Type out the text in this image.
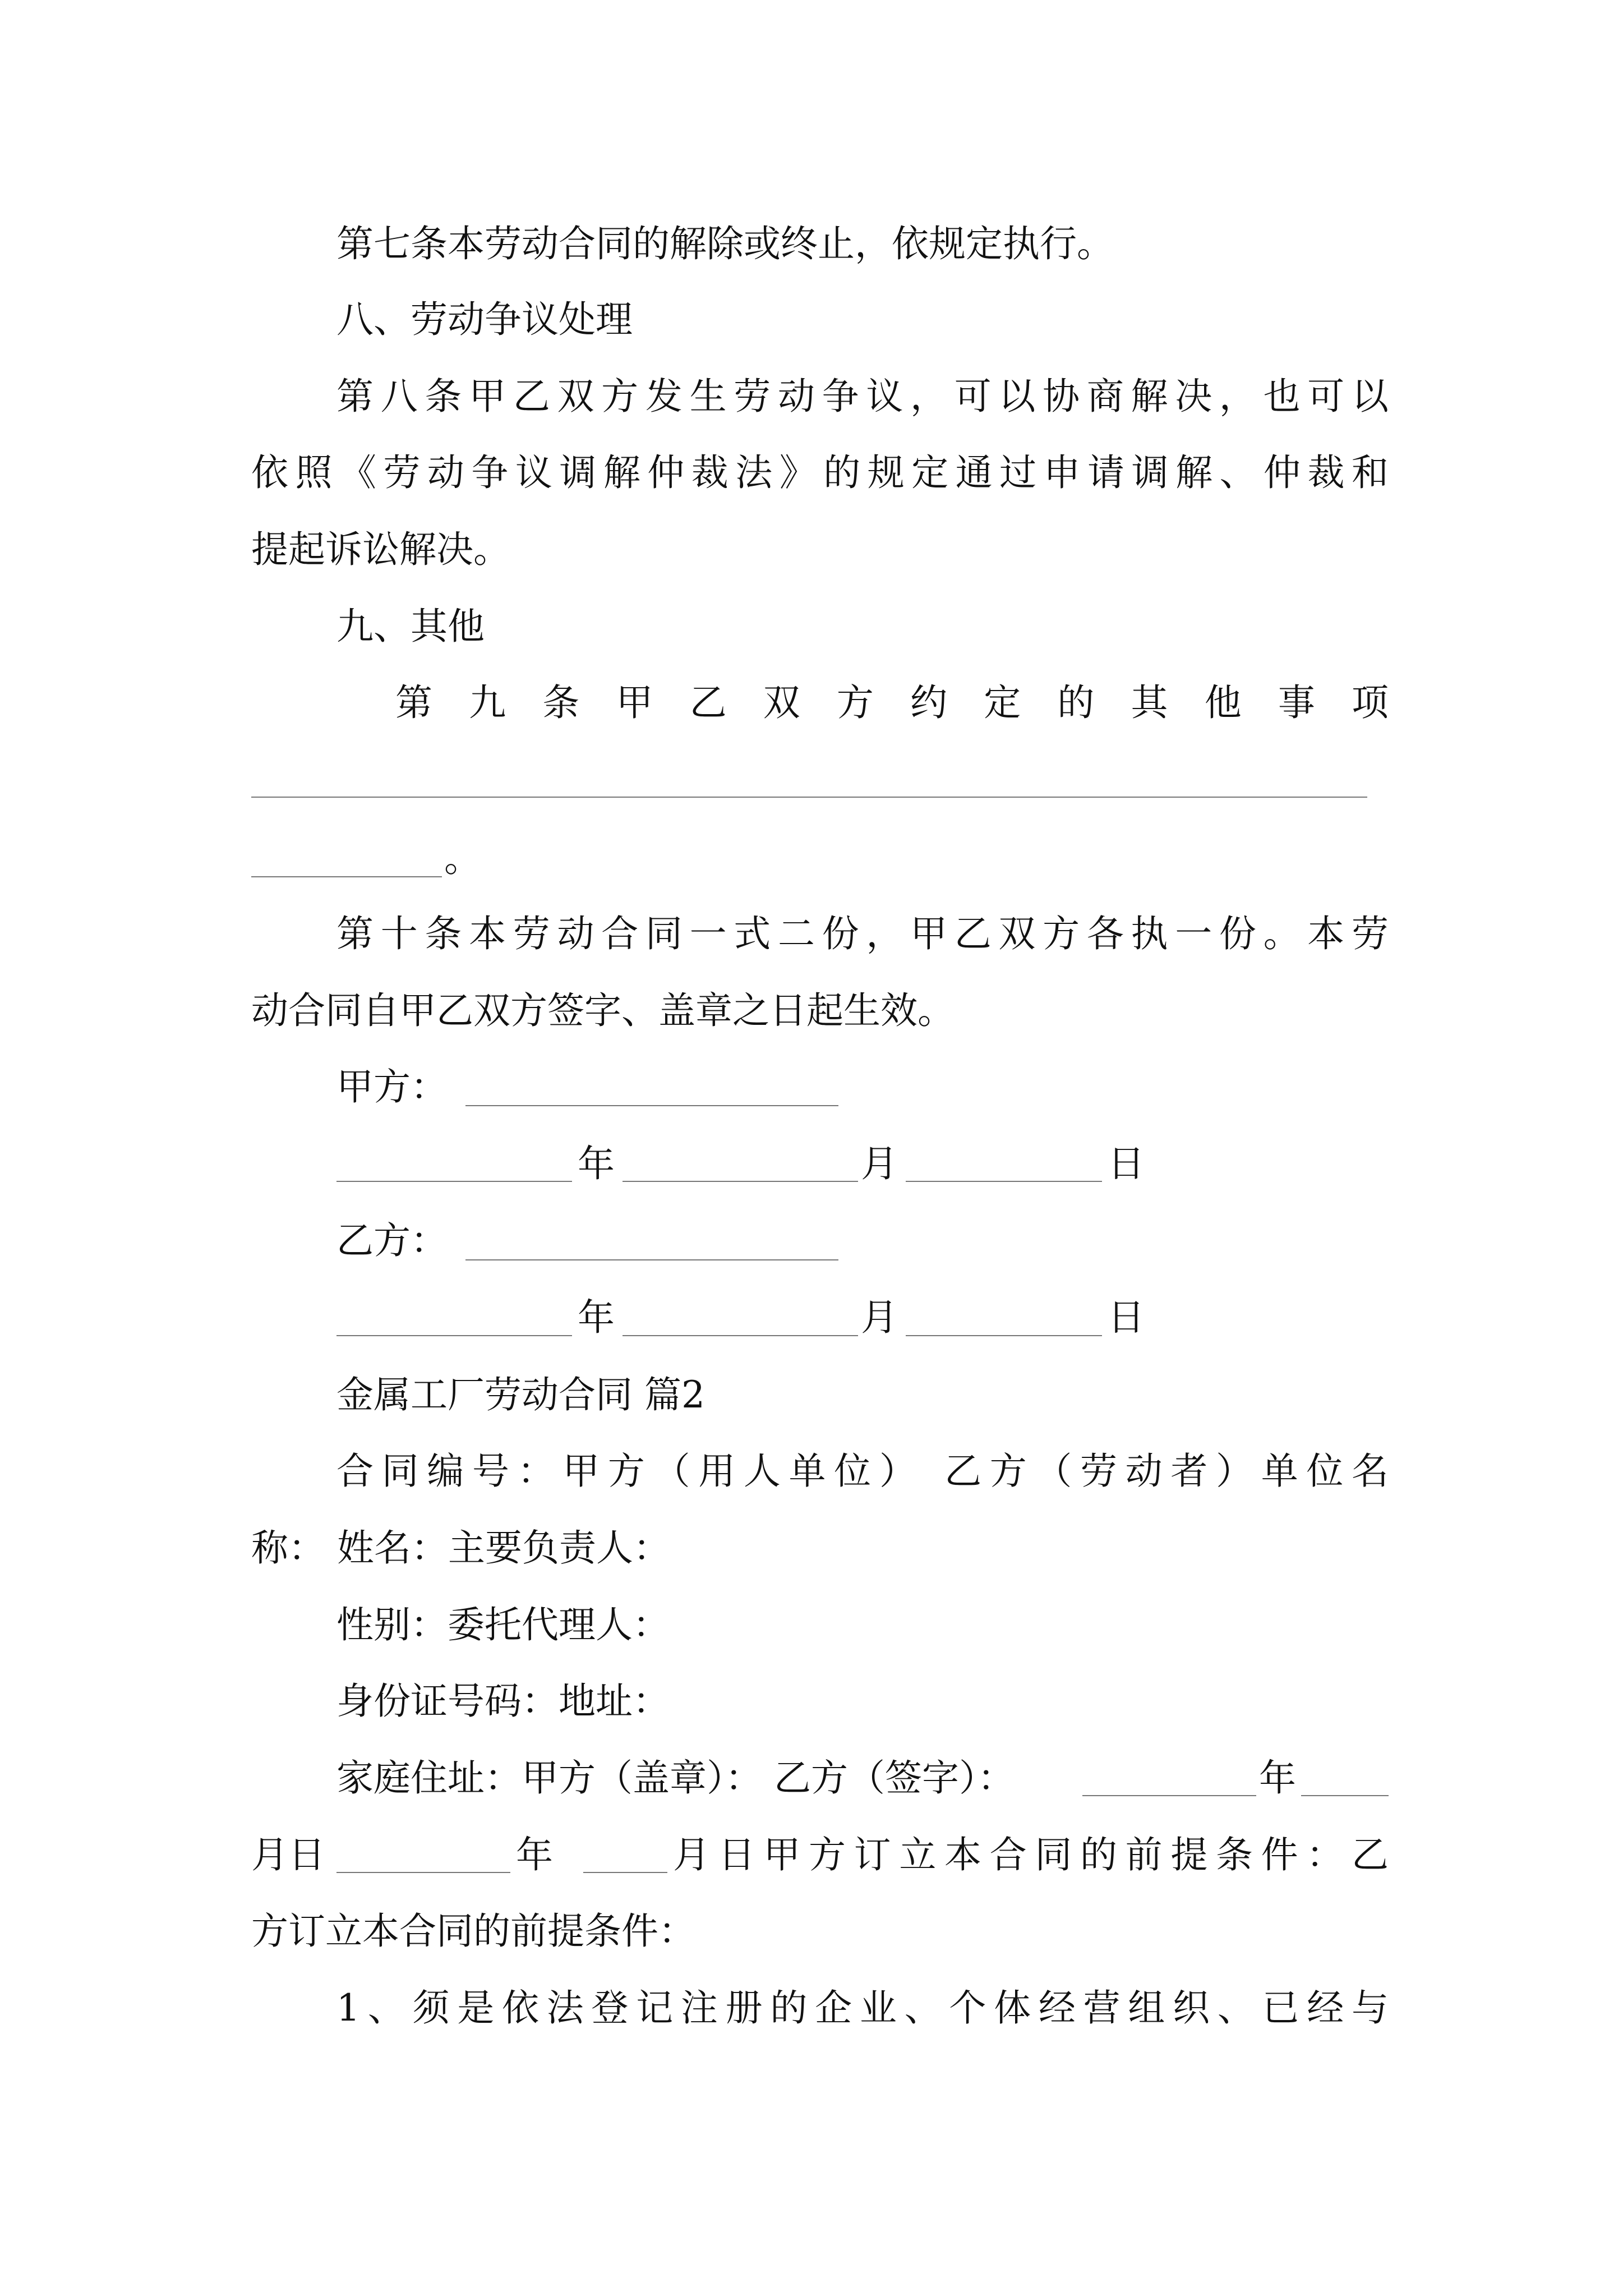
第七条本劳动合同的解除或终止，依规定执行。
八、劳动争议处理
第八条甲乙双方发生劳动争议，可以协商解决，也可以
依照《劳动争议调解仲裁法》的规定通过申请调解、仲裁和
提起诉讼解决。
九、其他
第九条甲乙双方约定的其他事项
。
第十条本劳动合同一式二份，甲乙双方各执一份。本劳
动合同自甲乙双方签字、盖章之日起生效。
甲方：
年	月	日
乙方：
年	月	日
金属工厂劳动合同 篇2
合同编号：甲方（用人单位） 乙方（劳动者）单位名
称： 姓名：主要负责人：
性别：委托代理人：
身份证号码：地址：
家庭住址：甲方（盖章）： 乙方（签字）：	年
月日	年	月日甲方订立本合同的前提条件：乙
方订立本合同的前提条件：
1、须是依法登记注册的企业、个体经营组织、已经与
